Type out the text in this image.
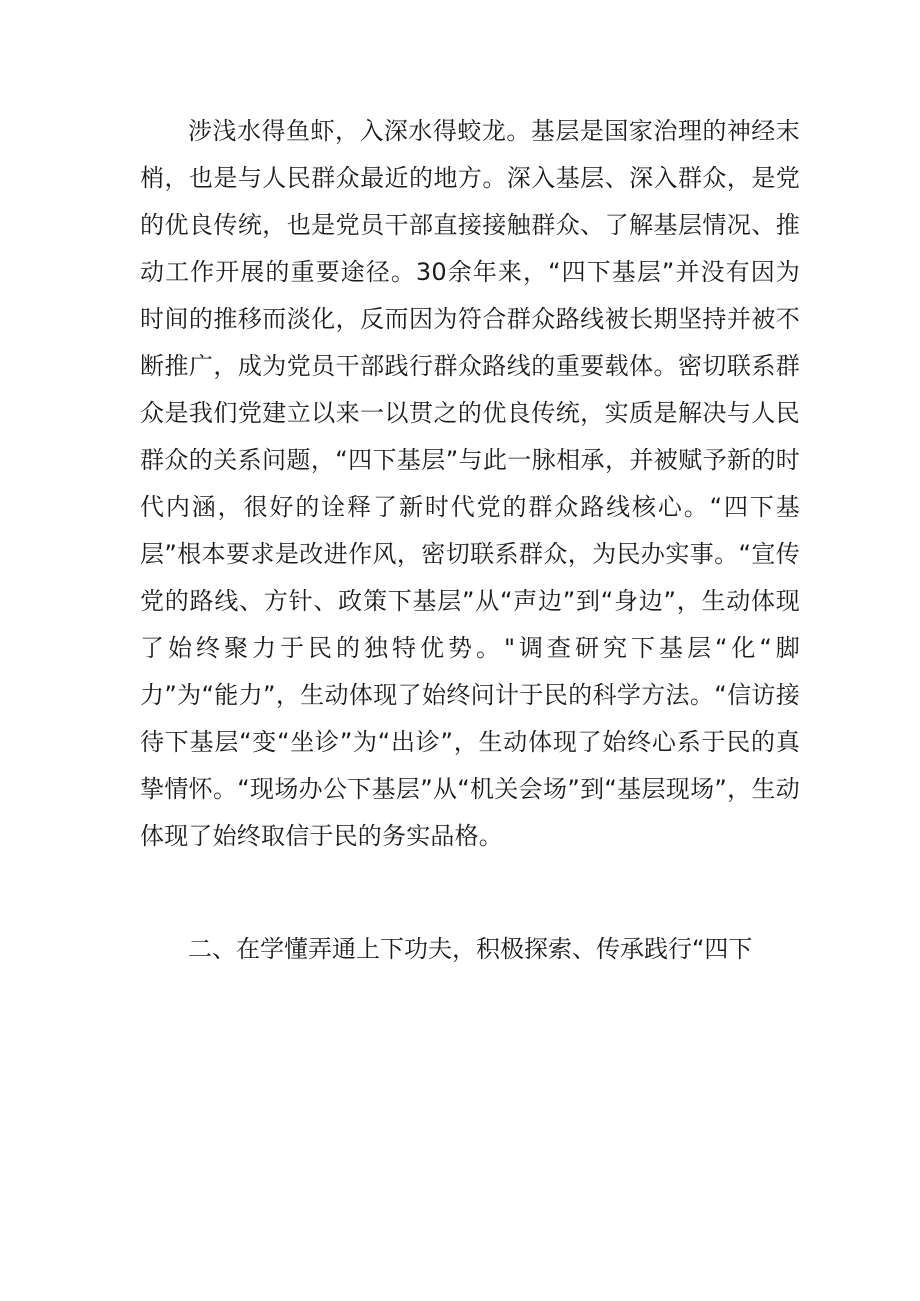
涉浅水得鱼虾，入深水得蛟龙。基层是国家治理的神经末梢，也是与人民群众最近的地方。深入基层、深入群众，是党的优良传统，也是党员干部直接接触群众、了解基层情况、推动工作开展的重要途径。30余年来，“四下基层”并没有因为时间的推移而淡化，反而因为符合群众路线被长期坚持并被不断推广，成为党员干部践行群众路线的重要载体。密切联系群众是我们党建立以来一以贯之的优良传统，实质是解决与人民群众的关系问题，“四下基层”与此一脉相承，并被赋予新的时代内涵，很好的诠释了新时代党的群众路线核心。“四下基层”根本要求是改进作风，密切联系群众，为民办实事。“宣传党的路线、方针、政策下基层”从“声边”到“身边”，生动体现了始终聚力于民的独特优势。"调查研究下基层“化“脚力”为“能力”，生动体现了始终问计于民的科学方法。“信访接待下基层“变“坐诊”为“出诊”，生动体现了始终心系于民的真挚情怀。“现场办公下基层”从“机关会场”到“基层现场”，生动体现了始终取信于民的务实品格。

二、在学懂弄通上下功夫，积极探索、传承践行“四下
